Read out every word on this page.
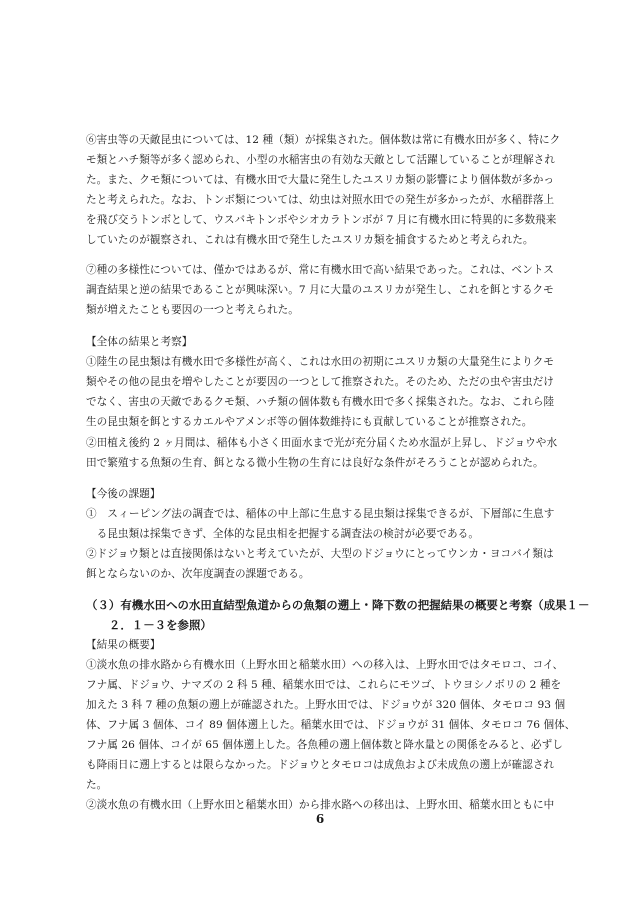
6
⑥害虫等の天敵昆虫については、12 種（類）が採集された。個体数は常に有機水田が多く、特にク
モ類とハチ類等が多く認められ、小型の水稲害虫の有効な天敵として活躍していることが理解され
た。また、クモ類については、有機水田で大量に発生したユスリカ類の影響により個体数が多かっ
たと考えられた。なお、トンボ類については、幼虫は対照水田での発生が多かったが、水稲群落上
を飛び交うトンボとして、ウスバキトンボやシオカラトンボが 7 月に有機水田に特異的に多数飛来
していたのが観察され、これは有機水田で発生したユスリカ類を捕食するためと考えられた。
⑦種の多様性については、僅かではあるが、常に有機水田で高い結果であった。これは、ベントス
調査結果と逆の結果であることが興味深い。7 月に大量のユスリカが発生し、これを餌とするクモ
類が増えたことも要因の一つと考えられた。
【全体の結果と考察】
①陸生の昆虫類は有機水田で多様性が高く、これは水田の初期にユスリカ類の大量発生によりクモ
類やその他の昆虫を増やしたことが要因の一つとして推察された。そのため、ただの虫や害虫だけ
でなく、害虫の天敵であるクモ類、ハチ類の個体数も有機水田で多く採集された。なお、これら陸
生の昆虫類を餌とするカエルやアメンボ等の個体数維持にも貢献していることが推察された。
②田植え後約 2 ヶ月間は、稲体も小さく田面水まで光が充分届くため水温が上昇し、ドジョウや水
田で繁殖する魚類の生育、餌となる微小生物の生育には良好な条件がそろうことが認められた。
【今後の課題】
①　スィーピング法の調査では、稲体の中上部に生息する昆虫類は採集できるが、下層部に生息す
　る昆虫類は採集できず、全体的な昆虫相を把握する調査法の検討が必要である。
②ドジョウ類とは直接関係はないと考えていたが、大型のドジョウにとってウンカ・ヨコバイ類は
餌とならないのか、次年度調査の課題である。
（３）有機水田への水田直結型魚道からの魚類の遡上・降下数の把握結果の概要と考察（成果１－
　　２．１－３を参照）
【結果の概要】
①淡水魚の排水路から有機水田（上野水田と稲葉水田）への移入は、上野水田ではタモロコ、コイ、
フナ属、ドジョウ、ナマズの 2 科 5 種、稲葉水田では、これらにモツゴ、トウヨシノボリの 2 種を
加えた 3 科 7 種の魚類の遡上が確認された。上野水田では、ドジョウが 320 個体、タモロコ 93 個
体、フナ属 3 個体、コイ 89 個体遡上した。稲葉水田では、ドジョウが 31 個体、タモロコ 76 個体、
フナ属 26 個体、コイが 65 個体遡上した。各魚種の遡上個体数と降水量との関係をみると、必ずし
も降雨日に遡上するとは限らなかった。ドジョウとタモロコは成魚および未成魚の遡上が確認され
た。
②淡水魚の有機水田（上野水田と稲葉水田）から排水路への移出は、上野水田、稲葉水田ともに中
